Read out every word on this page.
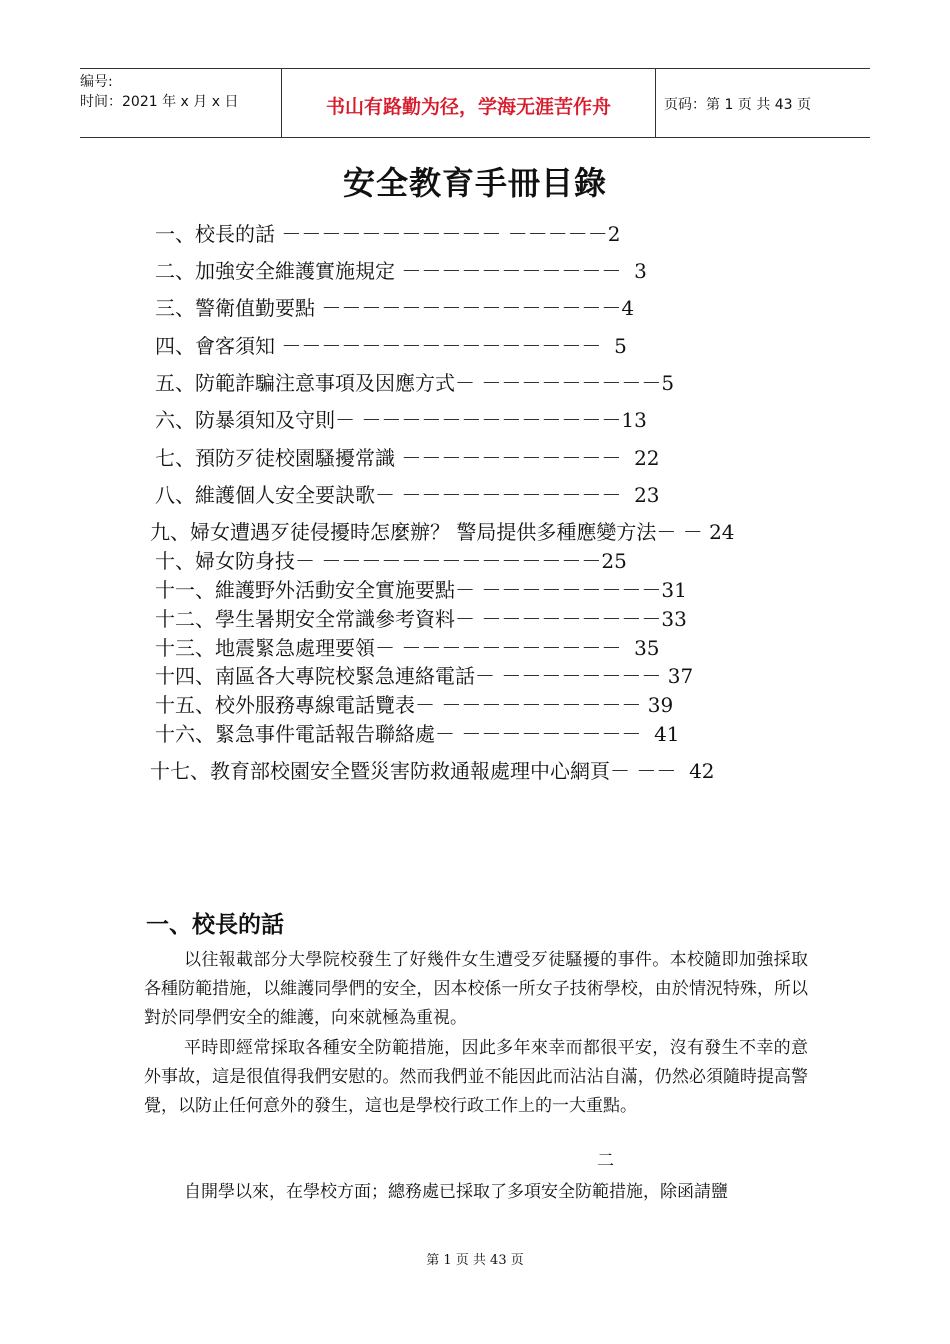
编号:
时间：2021 年 x 月 x 日	书山有路勤为径，学海无涯苦作舟	页码：第 1 页 共 43 页
安全教育手冊目錄
一、校長的話 －－－－－－－－－－－ －－－－－2
二、加強安全維護實施規定 －－－－－－－－－－－  3
三、警衛值勤要點 －－－－－－－－－－－－－－－4
四、會客須知 －－－－－－－－－－－－－－－－  5
五、防範詐騙注意事項及因應方式－ －－－－－－－－－5
六、防暴須知及守則－ －－－－－－－－－－－－－13
七、預防歹徒校園騷擾常識 －－－－－－－－－－－  22
八、維護個人安全要訣歌－ －－－－－－－－－－－  23
九、婦女遭遇歹徒侵擾時怎麼辦？ 警局提供多種應變方法－ － 24
十、婦女防身技－ －－－－－－－－－－－－－－25
十一、維護野外活動安全實施要點－ －－－－－－－－－31
十二、學生暑期安全常識參考資料－ －－－－－－－－－33
十三、地震緊急處理要領－ －－－－－－－－－－－  35
十四、南區各大專院校緊急連絡電話－ －－－－－－－－ 37
十五、校外服務專線電話覽表－ －－－－－－－－－－ 39
十六、緊急事件電話報告聯絡處－ －－－－－－－－－  41
十七、教育部校園安全暨災害防救通報處理中心網頁－ －－  42
一、校長的話
以往報載部分大學院校發生了好幾件女生遭受歹徒騷擾的事件。本校隨即加強採取各種防範措施，以維護同學們的安全，因本校係一所女子技術學校，由於情況特殊，所以對於同學們安全的維護，向來就極為重視。
平時即經常採取各種安全防範措施，因此多年來幸而都很平安，沒有發生不幸的意外事故，這是很值得我們安慰的。然而我們並不能因此而沾沾自滿，仍然必須隨時提高警覺，以防止任何意外的發生，這也是學校行政工作上的一大重點。
二
自開學以來，在學校方面；總務處已採取了多項安全防範措施，除函請鹽
第 1 页 共 43 页
